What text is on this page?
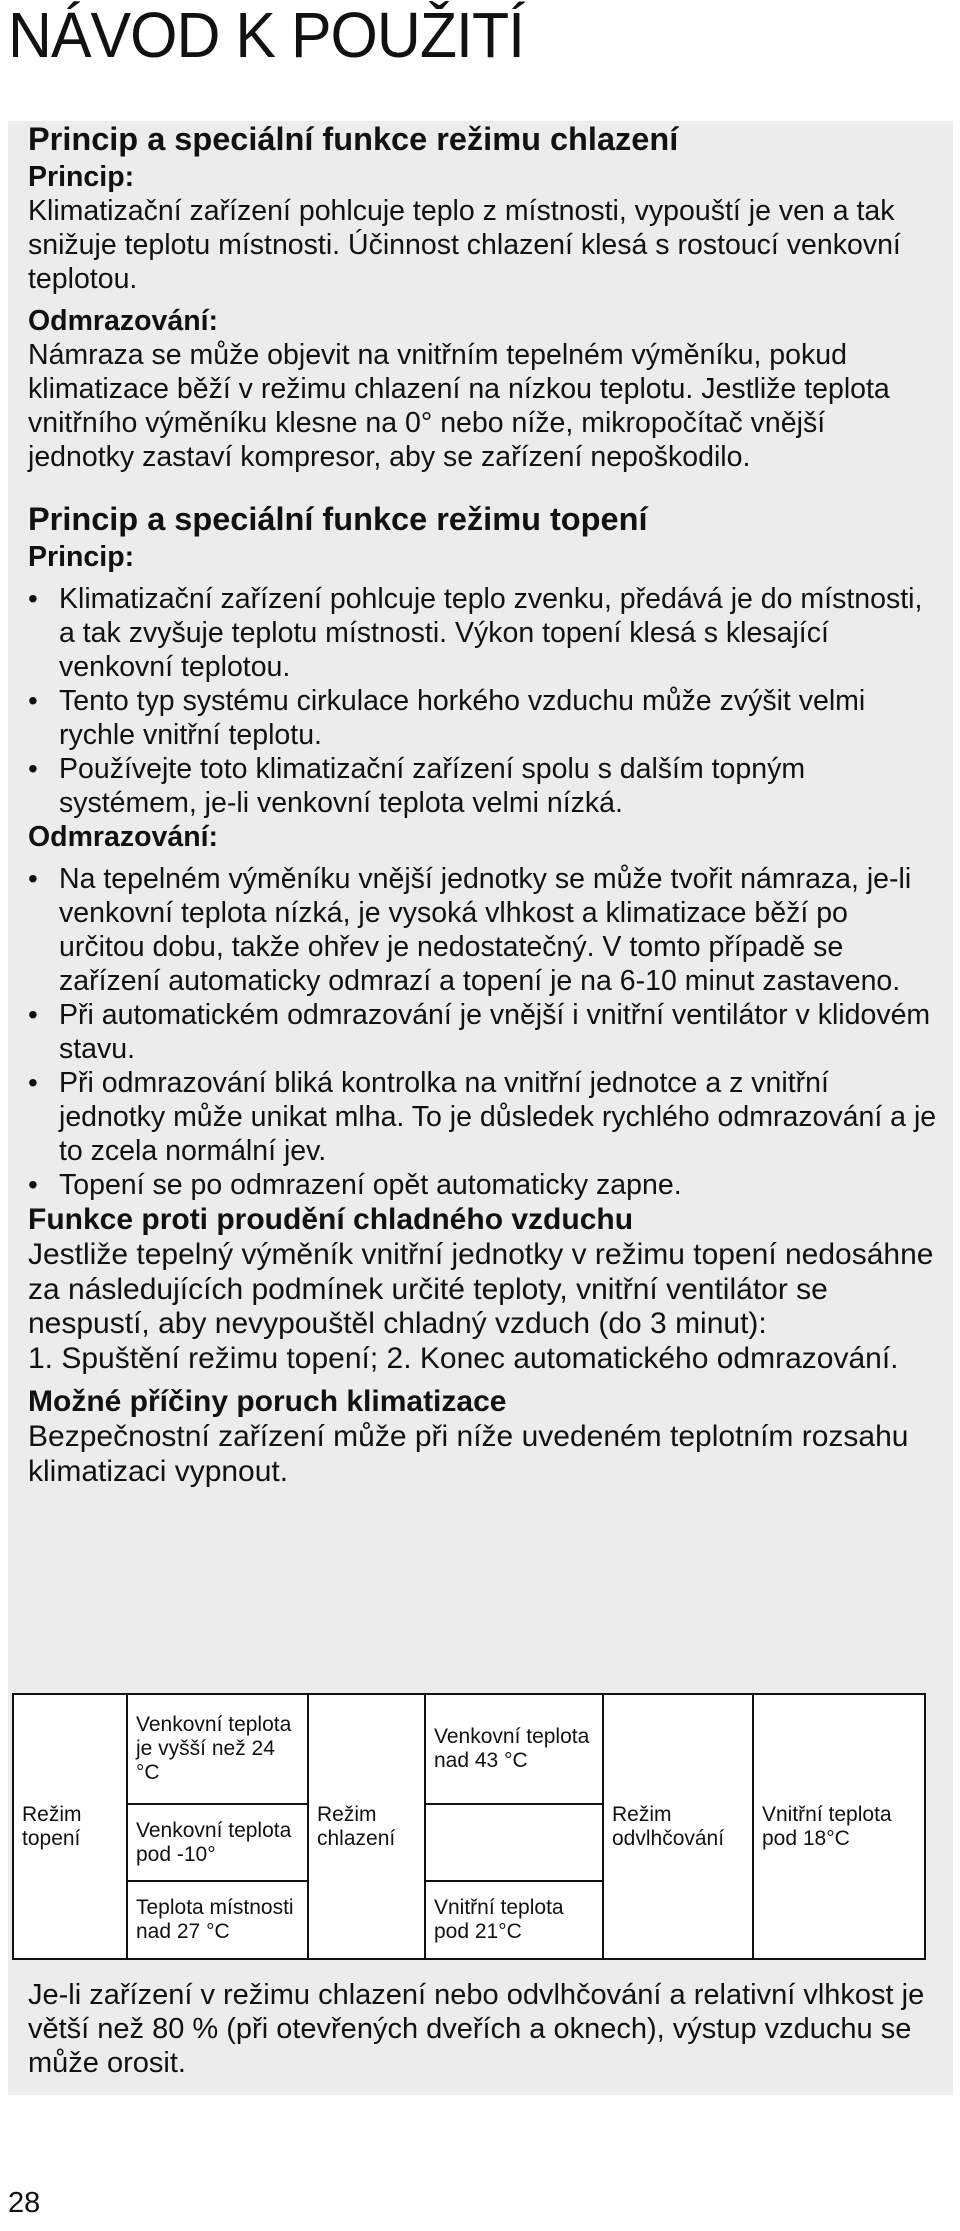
NÁVOD K POUŽITÍ
Princip a speciální funkce režimu chlazení
Princip:
Klimatizační zařízení pohlcuje teplo z místnosti, vypouští je ven a tak snižuje teplotu místnosti. Účinnost chlazení klesá s rostoucí venkovní teplotou.
Odmrazování:
Námraza se může objevit na vnitřním tepelném výměníku, pokud klimatizace běží v režimu chlazení na nízkou teplotu. Jestliže teplota vnitřního výměníku klesne na 0° nebo níže, mikropočítač vnější jednotky zastaví kompresor, aby se zařízení nepoškodilo.
Princip a speciální funkce režimu topení
Princip:
• Klimatizační zařízení pohlcuje teplo zvenku, předává je do místnosti, a tak zvyšuje teplotu místnosti. Výkon topení klesá s klesající venkovní teplotou.
• Tento typ systému cirkulace horkého vzduchu může zvýšit velmi rychle vnitřní teplotu.
• Používejte toto klimatizační zařízení spolu s dalším topným systémem, je-li venkovní teplota velmi nízká.
Odmrazování:
• Na tepelném výměníku vnější jednotky se může tvořit námraza, je-li venkovní teplota nízká, je vysoká vlhkost a klimatizace běží po určitou dobu, takže ohřev je nedostatečný. V tomto případě se zařízení automaticky odmrazí a topení je na 6-10 minut zastaveno.
• Při automatickém odmrazování je vnější i vnitřní ventilátor v klidovém stavu.
• Při odmrazování bliká kontrolka na vnitřní jednotce a z vnitřní jednotky může unikat mlha. To je důsledek rychlého odmrazování a je to zcela normální jev.
• Topení se po odmrazení opět automaticky zapne.
Funkce proti proudění chladného vzduchu
Jestliže tepelný výměník vnitřní jednotky v režimu topení nedosáhne za následujících podmínek určité teploty, vnitřní ventilátor se nespustí, aby nevypouštěl chladný vzduch (do 3 minut):
1. Spuštění režimu topení; 2. Konec automatického odmrazování.
Možné příčiny poruch klimatizace
Bezpečnostní zařízení může při níže uvedeném teplotním rozsahu klimatizaci vypnout.
Režim topení	Venkovní teplota je vyšší než 24 °C	Režim chlazení	Venkovní teplota nad 43 °C	Režim odvlhčování	Vnitřní teplota pod 18°C
	Venkovní teplota pod -10°				
	Teplota místnosti nad 27 °C		Vnitřní teplota pod 21°C		
Je-li zařízení v režimu chlazení nebo odvlhčování a relativní vlhkost je větší než 80 % (při otevřených dveřích a oknech), výstup vzduchu se může orosit.
28
